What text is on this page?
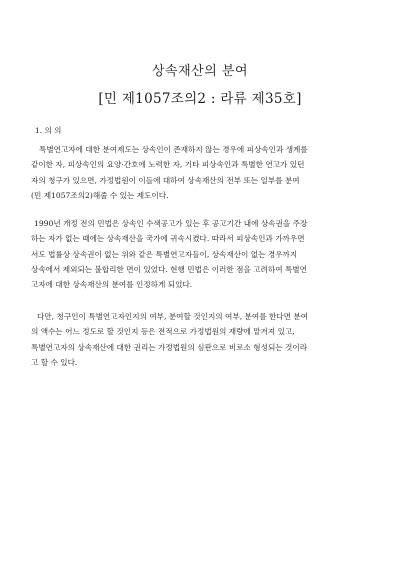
상속재산의 분여
[민 제1057조의2 : 라류 제35호]
1. 의 의
특별연고자에 대한 분여제도는 상속인이 존재하지 않는 경우에 피상속인과 생계를
같이한 자, 피상속인의 요양·간호에 노력한 자, 기타 피상속인과 특별한 연고가 있던
자의 청구가 있으면, 가정법원이 이들에 대하여 상속재산의 전부 또는 일부를 분여
(민 제1057조의2)해줄 수 있는 제도이다.
1990년 개정 전의 민법은 상속인 수색공고가 있는 후 공고기간 내에 상속권을 주장
하는 자가 없는 때에는 상속재산을 국가에 귀속시켰다. 따라서 피상속인과 가까우면
서도 법률상 상속권이 없는 위와 같은 특별연고자들이, 상속재산이 없는 경우까지
상속에서 제외되는 불합리한 면이 있었다. 현행 민법은 이러한 점을 고려하여 특별연
고자에 대한 상속재산의 분여를 인정하게 되었다.
다만, 청구인이 특별연고자인지의 여부, 분여할 것인지의 여부, 분여를 한다면 분여
의 액수는 어느 정도로 할 것인지 등은 전적으로 가정법원의 재량에 맡겨져 있고,
특별연고자의 상속재산에 대한 권리는 가정법원의 심판으로 비로소 형성되는 것이라
고 할 수 있다.
